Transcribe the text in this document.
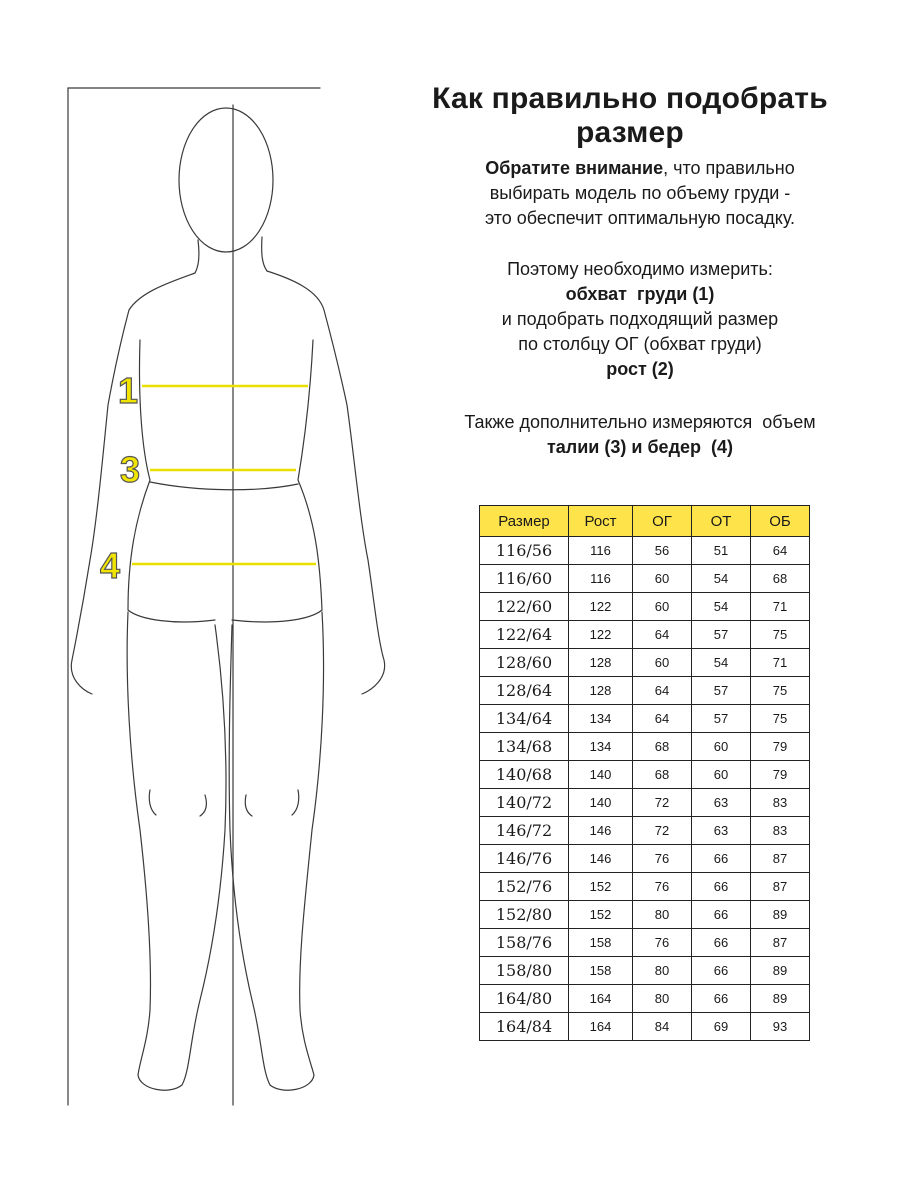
1
3
4
Как правильно подобрать размер
Обратите внимание, что правильно
выбирать модель по объему груди -
это обеспечит оптимальную посадку.
Поэтому необходимо измерить:
обхват  груди (1)
и подобрать подходящий размер
по столбцу ОГ (обхват груди)
рост (2)
Также дополнительно измеряются  объем
талии (3) и бедер  (4)
Размер	Рост	ОГ	ОТ	ОБ
116/56	116	56	51	64
116/60	116	60	54	68
122/60	122	60	54	71
122/64	122	64	57	75
128/60	128	60	54	71
128/64	128	64	57	75
134/64	134	64	57	75
134/68	134	68	60	79
140/68	140	68	60	79
140/72	140	72	63	83
146/72	146	72	63	83
146/76	146	76	66	87
152/76	152	76	66	87
152/80	152	80	66	89
158/76	158	76	66	87
158/80	158	80	66	89
164/80	164	80	66	89
164/84	164	84	69	93
